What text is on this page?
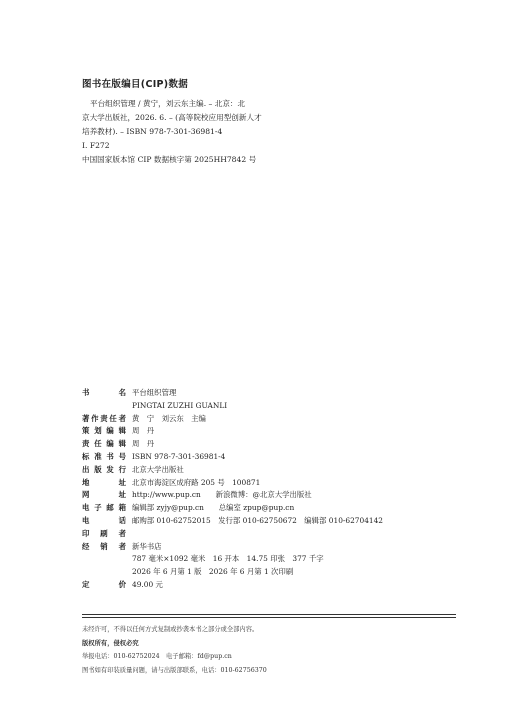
图书在版编目(CIP)数据
平台组织管理 / 黄宁，刘云东主编. – 北京：北
京大学出版社，2026. 6. – (高等院校应用型创新人才
培养教材). – ISBN 978-7-301-36981-4
Ⅰ. F272
中国国家版本馆 CIP 数据核字第 2025HH7842 号
书	名 平台组织管理
PINGTAI ZUZHI GUANLI
著 作 责 任 者 黄　宁　刘云东　主编
策 划 编 辑 周　丹
责 任 编 辑 周　丹
标 准 书 号 ISBN 978-7-301-36981-4
出 版 发 行 北京大学出版社
地	址 北京市海淀区成府路 205 号　100871
网	址 http://www.pup.cn　　新浪微博：@北京大学出版社
电 子 邮 箱 编辑部 zyjy@pup.cn　　总编室 zpup@pup.cn
电	话 邮购部 010-62752015　发行部 010-62750672　编辑部 010-62704142
印 刷 者

经 销 者 新华书店
787 毫米×1092 毫米　16 开本　14.75 印张　377 千字
2026 年 6 月第 1 版　2026 年 6 月第 1 次印刷
定	价 49.00 元
未经许可，不得以任何方式复制或抄袭本书之部分或全部内容。
版权所有，侵权必究
举报电话：010-62752024　电子邮箱：fd@pup.cn
图书如有印装质量问题，请与出版部联系，电话：010-62756370
